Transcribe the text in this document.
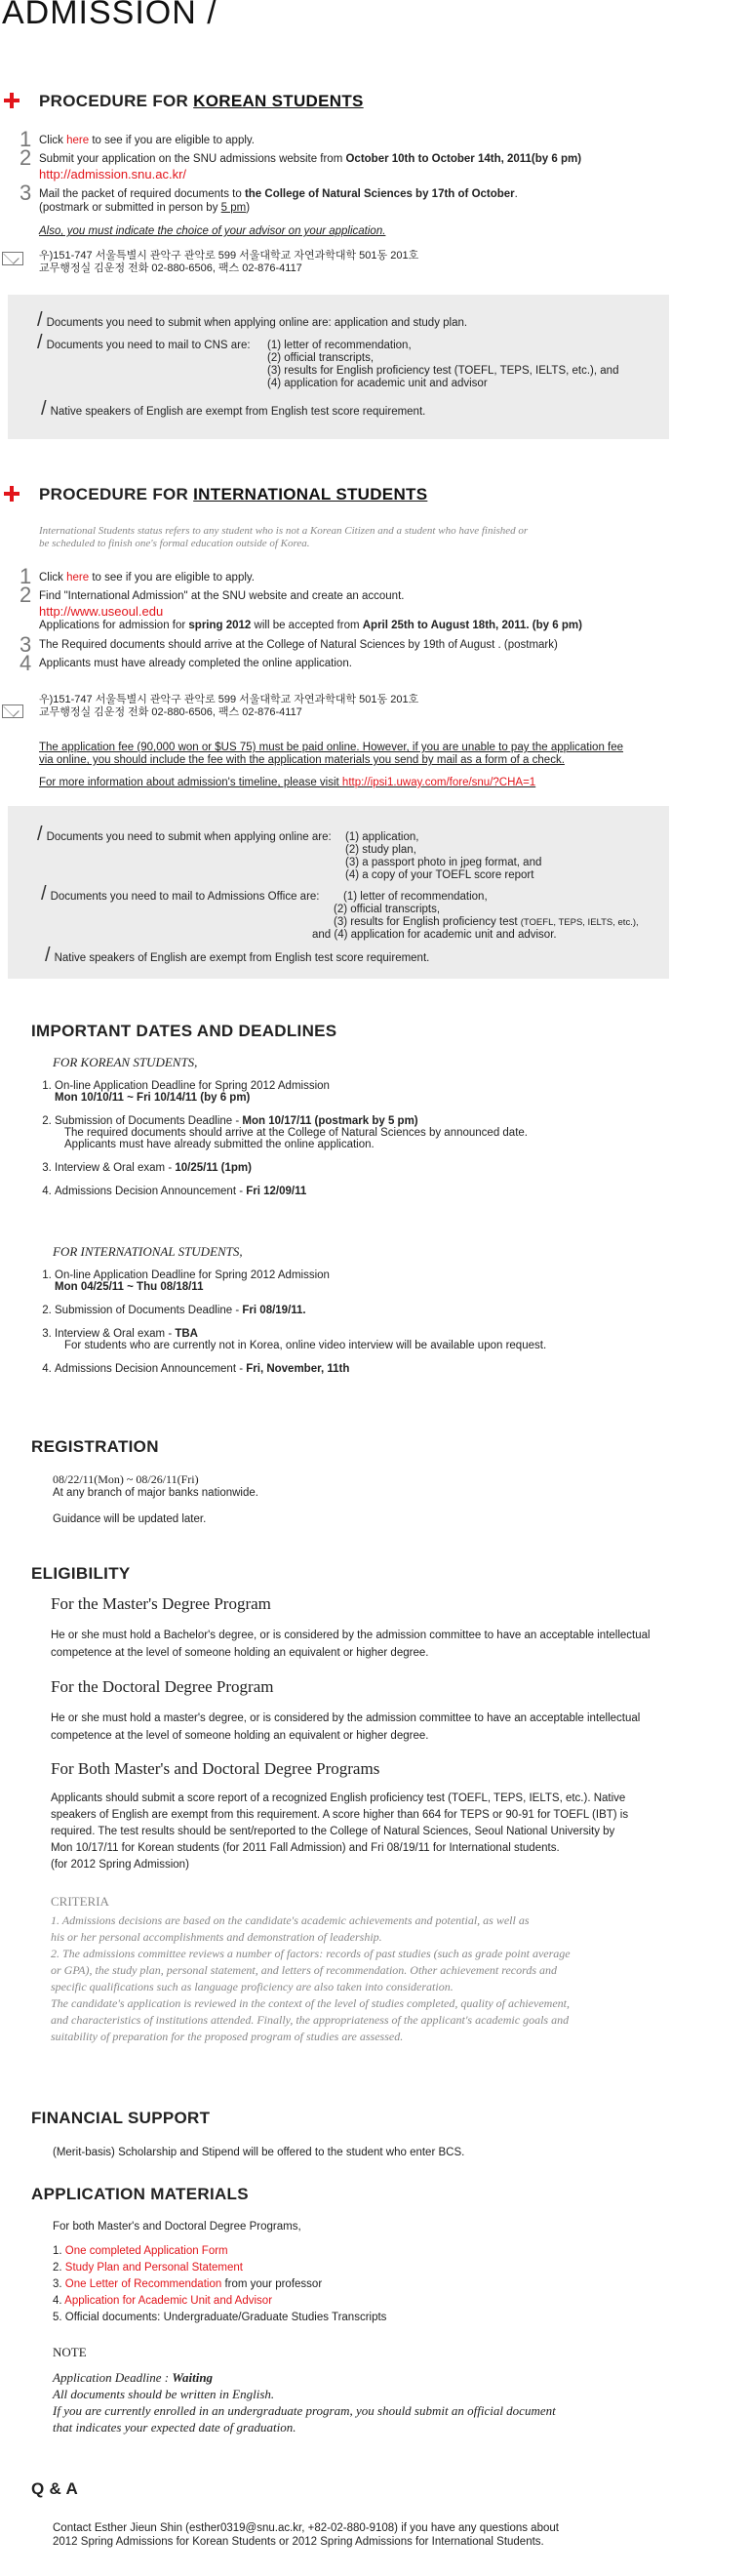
ADMISSION /
PROCEDURE FOR KOREAN STUDENTS
1 Click here to see if you are eligible to apply.
2 Submit your application on the SNU admissions website from October 10th to October 14th, 2011(by 6 pm)
http://admission.snu.ac.kr/
3 Mail the packet of required documents to the College of Natural Sciences by 17th of October.
(postmark or submitted in person by 5 pm)
Also, you must indicate the choice of your advisor on your application.
우)151-747 서울특별시 관악구 관악로 599 서울대학교 자연과학대학 501동 201호
교무행정실 김운정 전화 02-880-6506, 팩스 02-876-4117
/ Documents you need to submit when applying online are: application and study plan.
/ Documents you need to mail to CNS are: (1) letter of recommendation,
(2) official transcripts,
(3) results for English proficiency test (TOEFL, TEPS, IELTS, etc.), and
(4) application for academic unit and advisor
/ Native speakers of English are exempt from English test score requirement.
PROCEDURE FOR INTERNATIONAL STUDENTS
International Students status refers to any student who is not a Korean Citizen and a student who have finished or
be scheduled to finish one's formal education outside of Korea.
1 Click here to see if you are eligible to apply.
2 Find "International Admission" at the SNU website and create an account.
http://www.useoul.edu
Applications for admission for spring 2012 will be accepted from April 25th to August 18th, 2011. (by 6 pm)
3 The Required documents should arrive at the College of Natural Sciences by 19th of August . (postmark)
4 Applicants must have already completed the online application.
우)151-747 서울특별시 관악구 관악로 599 서울대학교 자연과학대학 501동 201호
교무행정실 김운정 전화 02-880-6506, 팩스 02-876-4117
The application fee (90,000 won or $US 75) must be paid online. However, if you are unable to pay the application fee
via online, you should include the fee with the application materials you send by mail as a form of a check.
For more information about admission's timeline, please visit http://ipsi1.uway.com/fore/snu/?CHA=1
/ Documents you need to submit when applying online are: (1) application,
(2) study plan,
(3) a passport photo in jpeg format, and
(4) a copy of your TOEFL score report
/ Documents you need to mail to Admissions Office are: (1) letter of recommendation,
(2) official transcripts,
(3) results for English proficiency test (TOEFL, TEPS, IELTS, etc.),
and (4) application for academic unit and advisor.
/ Native speakers of English are exempt from English test score requirement.
IMPORTANT DATES AND DEADLINES
FOR KOREAN STUDENTS,
1. On-line Application Deadline for Spring 2012 Admission
Mon 10/10/11 ~ Fri 10/14/11 (by 6 pm)
2. Submission of Documents Deadline - Mon 10/17/11 (postmark by 5 pm)
The required documents should arrive at the College of Natural Sciences by announced date.
Applicants must have already submitted the online application.
3. Interview & Oral exam - 10/25/11 (1pm)
4. Admissions Decision Announcement - Fri 12/09/11
FOR INTERNATIONAL STUDENTS,
1. On-line Application Deadline for Spring 2012 Admission
Mon 04/25/11 ~ Thu 08/18/11
2. Submission of Documents Deadline - Fri 08/19/11.
3. Interview & Oral exam - TBA
For students who are currently not in Korea, online video interview will be available upon request.
4. Admissions Decision Announcement - Fri, November, 11th
REGISTRATION
08/22/11(Mon) ~ 08/26/11(Fri)
At any branch of major banks nationwide.
Guidance will be updated later.
ELIGIBILITY
For the Master's Degree Program
He or she must hold a Bachelor's degree, or is considered by the admission committee to have an acceptable intellectual
competence at the level of someone holding an equivalent or higher degree.
For the Doctoral Degree Program
He or she must hold a master's degree, or is considered by the admission committee to have an acceptable intellectual
competence at the level of someone holding an equivalent or higher degree.
For Both Master's and Doctoral Degree Programs
Applicants should submit a score report of a recognized English proficiency test (TOEFL, TEPS, IELTS, etc.). Native
speakers of English are exempt from this requirement. A score higher than 664 for TEPS or 90-91 for TOEFL (IBT) is
required. The test results should be sent/reported to the College of Natural Sciences, Seoul National University by
Mon 10/17/11 for Korean students (for 2011 Fall Admission) and Fri 08/19/11 for International students.
(for 2012 Spring Admission)
CRITERIA
1. Admissions decisions are based on the candidate's academic achievements and potential, as well as
his or her personal accomplishments and demonstration of leadership.
2. The admissions committee reviews a number of factors: records of past studies (such as grade point average
or GPA), the study plan, personal statement, and letters of recommendation. Other achievement records and
specific qualifications such as language proficiency are also taken into consideration.
The candidate's application is reviewed in the context of the level of studies completed, quality of achievement,
and characteristics of institutions attended. Finally, the appropriateness of the applicant's academic goals and
suitability of preparation for the proposed program of studies are assessed.
FINANCIAL SUPPORT
(Merit-basis) Scholarship and Stipend will be offered to the student who enter BCS.
APPLICATION MATERIALS
For both Master's and Doctoral Degree Programs,
1. One completed Application Form
2. Study Plan and Personal Statement
3. One Letter of Recommendation from your professor
4. Application for Academic Unit and Advisor
5. Official documents: Undergraduate/Graduate Studies Transcripts
NOTE
Application Deadline : Waiting
All documents should be written in English.
If you are currently enrolled in an undergraduate program, you should submit an official document
that indicates your expected date of graduation.
Q & A
Contact Esther Jieun Shin (esther0319@snu.ac.kr, +82-02-880-9108) if you have any questions about
2012 Spring Admissions for Korean Students or 2012 Spring Admissions for International Students.
